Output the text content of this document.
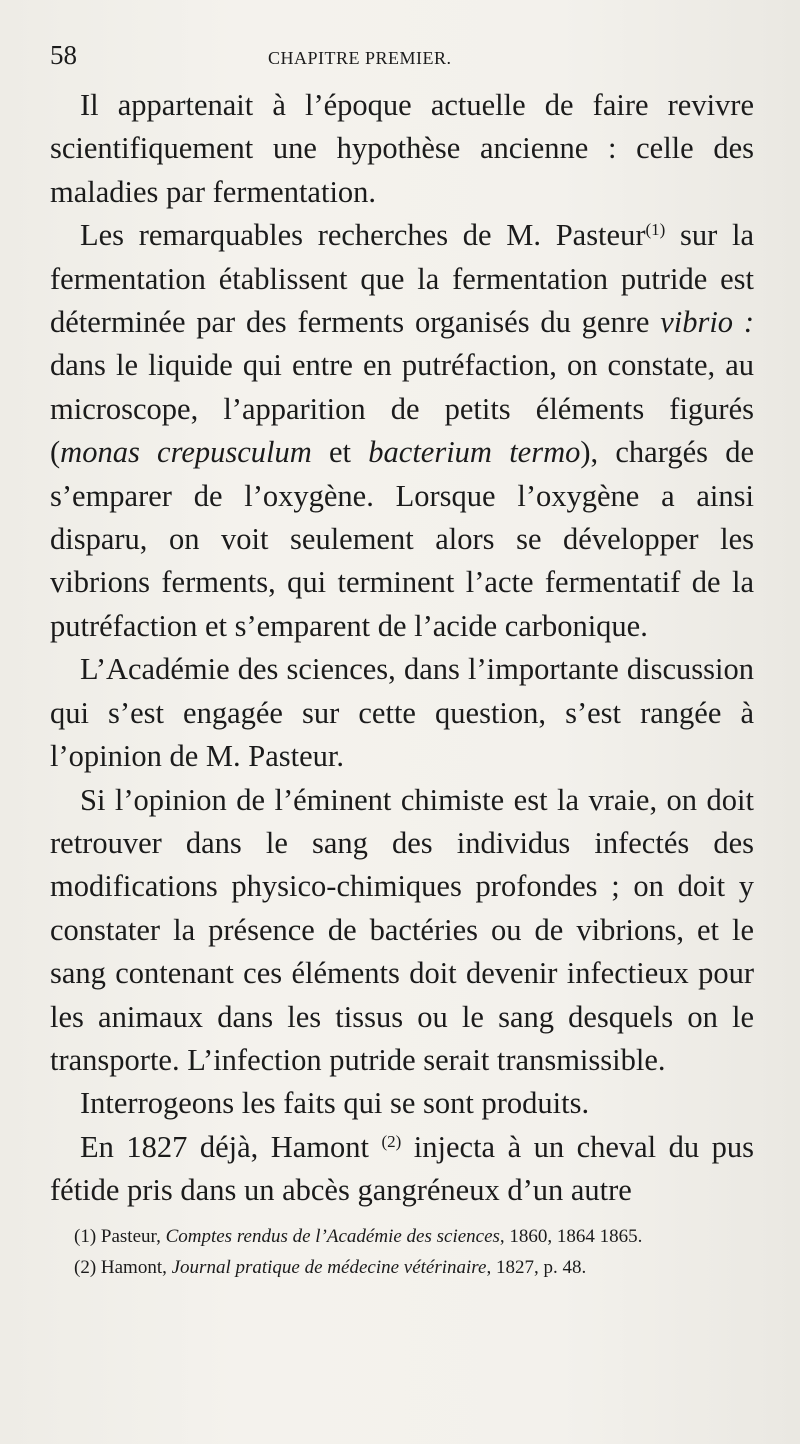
58	CHAPITRE PREMIER.

Il appartenait à l’époque actuelle de faire revivre scientifiquement une hypothèse ancienne : celle des maladies par fermentation.

Les remarquables recherches de M. Pasteur$^{(1)}$ sur la fermentation établissent que la fermentation putride est déterminée par des ferments organisés du genre vibrio : dans le liquide qui entre en putréfaction, on constate, au microscope, l’apparition de petits éléments figurés (monas crepusculum et bacterium termo), chargés de s’emparer de l’oxygène. Lorsque l’oxygène a ainsi disparu, on voit seulement alors se développer les vibrions ferments, qui terminent l’acte fermentatif de la putréfaction et s’emparent de l’acide carbonique.

L’Académie des sciences, dans l’importante discussion qui s’est engagée sur cette question, s’est rangée à l’opinion de M. Pasteur.

Si l’opinion de l’éminent chimiste est la vraie, on doit retrouver dans le sang des individus infectés des modifications physico-chimiques profondes ; on doit y constater la présence de bactéries ou de vibrions, et le sang contenant ces éléments doit devenir infectieux pour les animaux dans les tissus ou le sang desquels on le transporte. L’infection putride serait transmissible.

Interrogeons les faits qui se sont produits.

En 1827 déjà, Hamont $^{(2)}$ injecta à un cheval du pus fétide pris dans un abcès gangréneux d’un autre

(1) Pasteur, Comptes rendus de l’Académie des sciences, 1860, 1864 1865.

(2) Hamont, Journal pratique de médecine vétérinaire, 1827, p. 48.
